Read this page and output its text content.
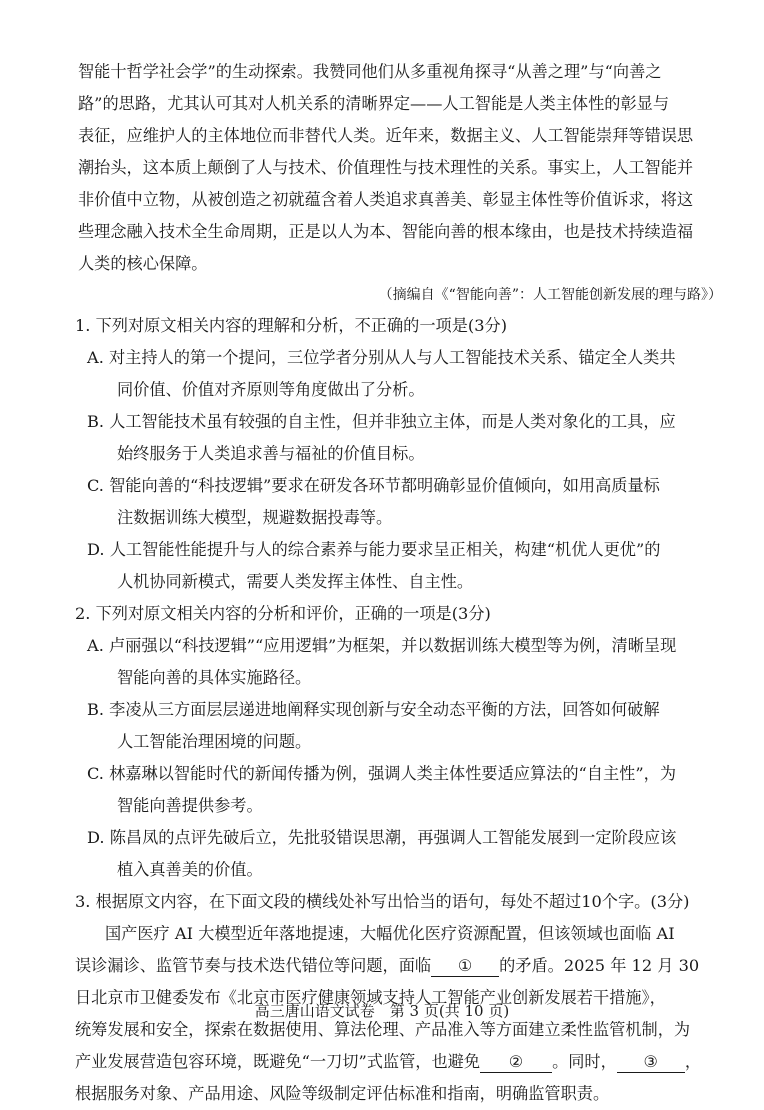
智能十哲学社会学”的生动探索。我赞同他们从多重视角探寻“从善之理”与“向善之
路”的思路，尤其认可其对人机关系的清晰界定——人工智能是人类主体性的彰显与
表征，应维护人的主体地位而非替代人类。近年来，数据主义、人工智能崇拜等错误思
潮抬头，这本质上颠倒了人与技术、价值理性与技术理性的关系。事实上，人工智能并
非价值中立物，从被创造之初就蕴含着人类追求真善美、彰显主体性等价值诉求，将这
些理念融入技术全生命周期，正是以人为本、智能向善的根本缘由，也是技术持续造福
人类的核心保障。
（摘编自《“智能向善”：人工智能创新发展的理与路》）
1. 下列对原文相关内容的理解和分析，不正确的一项是(3分)
A. 对主持人的第一个提问，三位学者分别从人与人工智能技术关系、锚定全人类共
同价值、价值对齐原则等角度做出了分析。
B. 人工智能技术虽有较强的自主性，但并非独立主体，而是人类对象化的工具，应
始终服务于人类追求善与福祉的价值目标。
C. 智能向善的“科技逻辑”要求在研发各环节都明确彰显价值倾向，如用高质量标
注数据训练大模型，规避数据投毒等。
D. 人工智能性能提升与人的综合素养与能力要求呈正相关，构建“机优人更优”的
人机协同新模式，需要人类发挥主体性、自主性。
2. 下列对原文相关内容的分析和评价，正确的一项是(3分)
A. 卢丽强以“科技逻辑”“应用逻辑”为框架，并以数据训练大模型等为例，清晰呈现
智能向善的具体实施路径。
B. 李凌从三方面层层递进地阐释实现创新与安全动态平衡的方法，回答如何破解
人工智能治理困境的问题。
C. 林嘉琳以智能时代的新闻传播为例，强调人类主体性要适应算法的“自主性”，为
智能向善提供参考。
D. 陈昌凤的点评先破后立，先批驳错误思潮，再强调人工智能发展到一定阶段应该
植入真善美的价值。
3. 根据原文内容，在下面文段的横线处补写出恰当的语句，每处不超过10个字。(3分)
国产医疗 AI 大模型近年落地提速，大幅优化医疗资源配置，但该领域也面临 AI
误诊漏诊、监管节奏与技术迭代错位等问题，面临 ① 的矛盾。2025 年 12 月 30
日北京市卫健委发布《北京市医疗健康领域支持人工智能产业创新发展若干措施》，
统筹发展和安全，探索在数据使用、算法伦理、产品准入等方面建立柔性监管机制，为
产业发展营造包容环境，既避免“一刀切”式监管，也避免 ② 。同时， ③ ，
根据服务对象、产品用途、风险等级制定评估标准和指南，明确监管职责。
高三唐山语文试卷　第 3 页(共 10 页)
